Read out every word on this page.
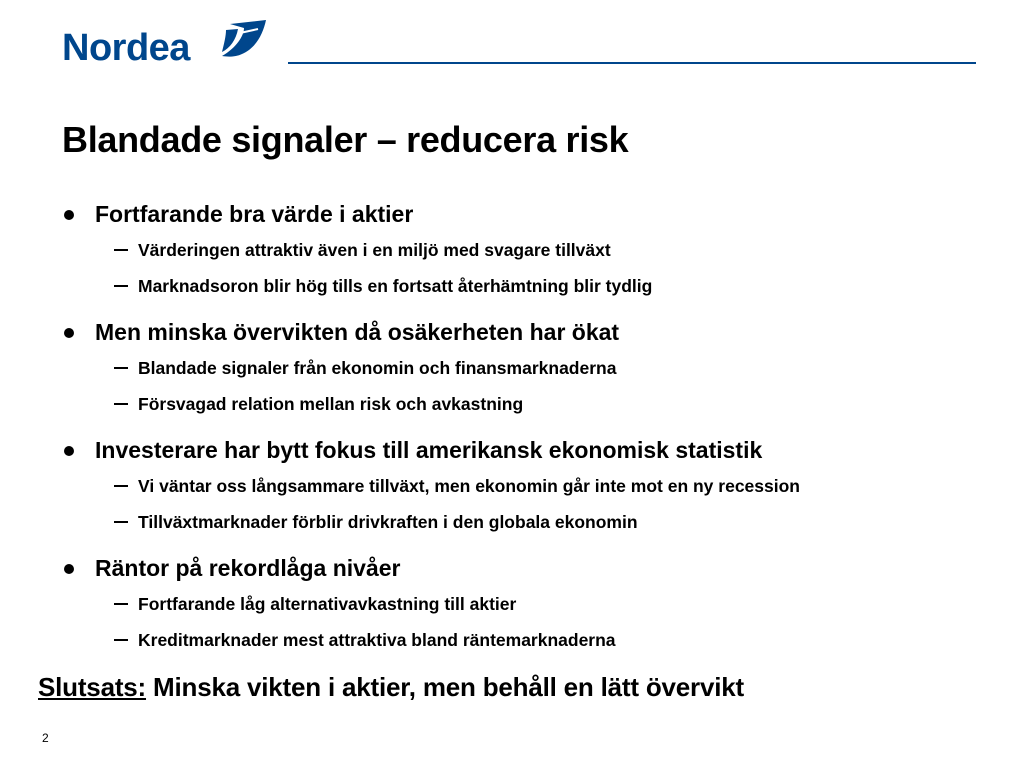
Nordea
Blandade signaler – reducera risk
Fortfarande bra värde i aktier
Värderingen attraktiv även i en miljö med svagare tillväxt
Marknadsoron blir hög tills en fortsatt återhämtning blir tydlig
Men minska övervikten då osäkerheten har ökat
Blandade signaler från ekonomin och finansmarknaderna
Försvagad relation mellan risk och avkastning
Investerare har bytt fokus till amerikansk ekonomisk statistik
Vi väntar oss långsammare tillväxt, men ekonomin går inte mot en ny recession
Tillväxtmarknader förblir drivkraften i den globala ekonomin
Räntor på rekordlåga nivåer
Fortfarande låg alternativavkastning till aktier
Kreditmarknader mest attraktiva bland räntemarknaderna
Slutsats: Minska vikten i aktier, men behåll en lätt övervikt
2
